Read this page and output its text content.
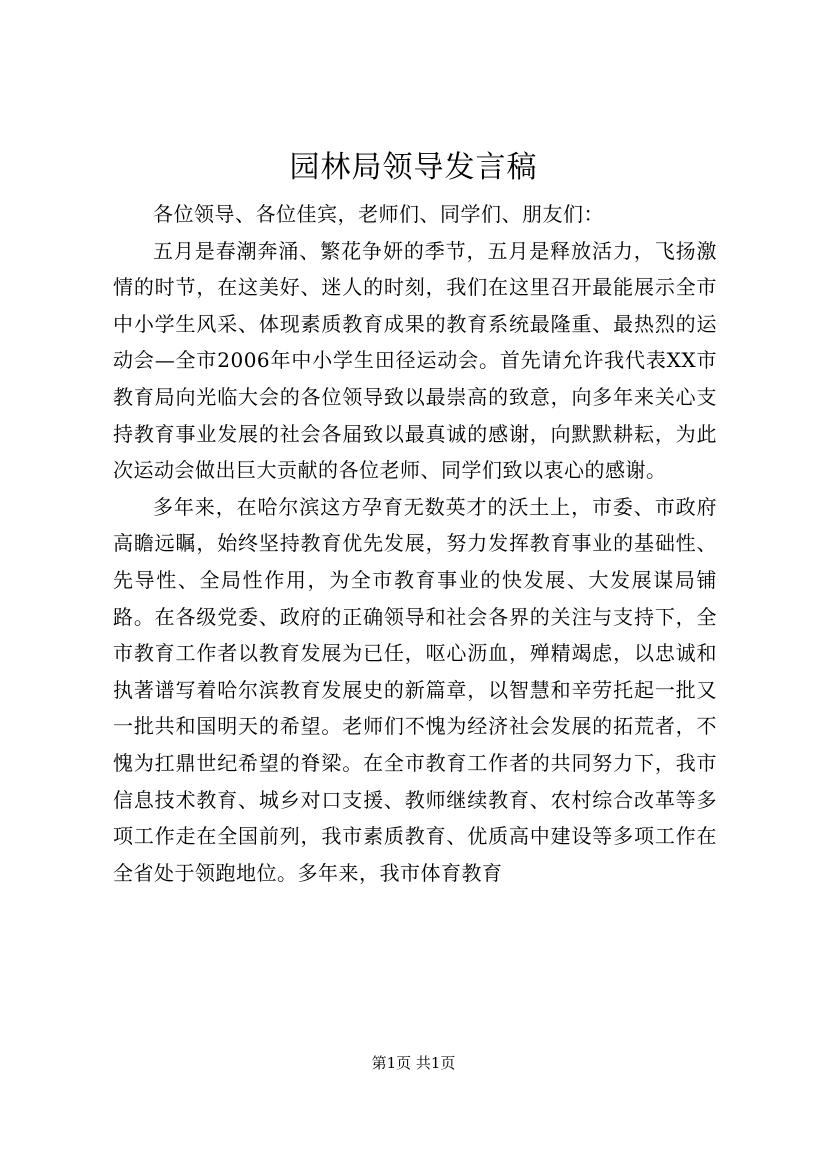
园林局领导发言稿

各位领导、各位佳宾，老师们、同学们、朋友们：

五月是春潮奔涌、繁花争妍的季节，五月是释放活力，飞扬激情的时节，在这美好、迷人的时刻，我们在这里召开最能展示全市中小学生风采、体现素质教育成果的教育系统最隆重、最热烈的运动会—全市2006年中小学生田径运动会。首先请允许我代表XX市教育局向光临大会的各位领导致以最崇高的致意，向多年来关心支持教育事业发展的社会各届致以最真诚的感谢，向默默耕耘，为此次运动会做出巨大贡献的各位老师、同学们致以衷心的感谢。

多年来，在哈尔滨这方孕育无数英才的沃土上，市委、市政府高瞻远瞩，始终坚持教育优先发展，努力发挥教育事业的基础性、先导性、全局性作用，为全市教育事业的快发展、大发展谋局铺路。在各级党委、政府的正确领导和社会各界的关注与支持下，全市教育工作者以教育发展为已任，呕心沥血，殚精竭虑，以忠诚和执著谱写着哈尔滨教育发展史的新篇章，以智慧和辛劳托起一批又一批共和国明天的希望。老师们不愧为经济社会发展的拓荒者，不愧为扛鼎世纪希望的脊梁。在全市教育工作者的共同努力下，我市信息技术教育、城乡对口支援、教师继续教育、农村综合改革等多项工作走在全国前列，我市素质教育、优质高中建设等多项工作在全省处于领跑地位。多年来，我市体育教育

第1页 共1页
